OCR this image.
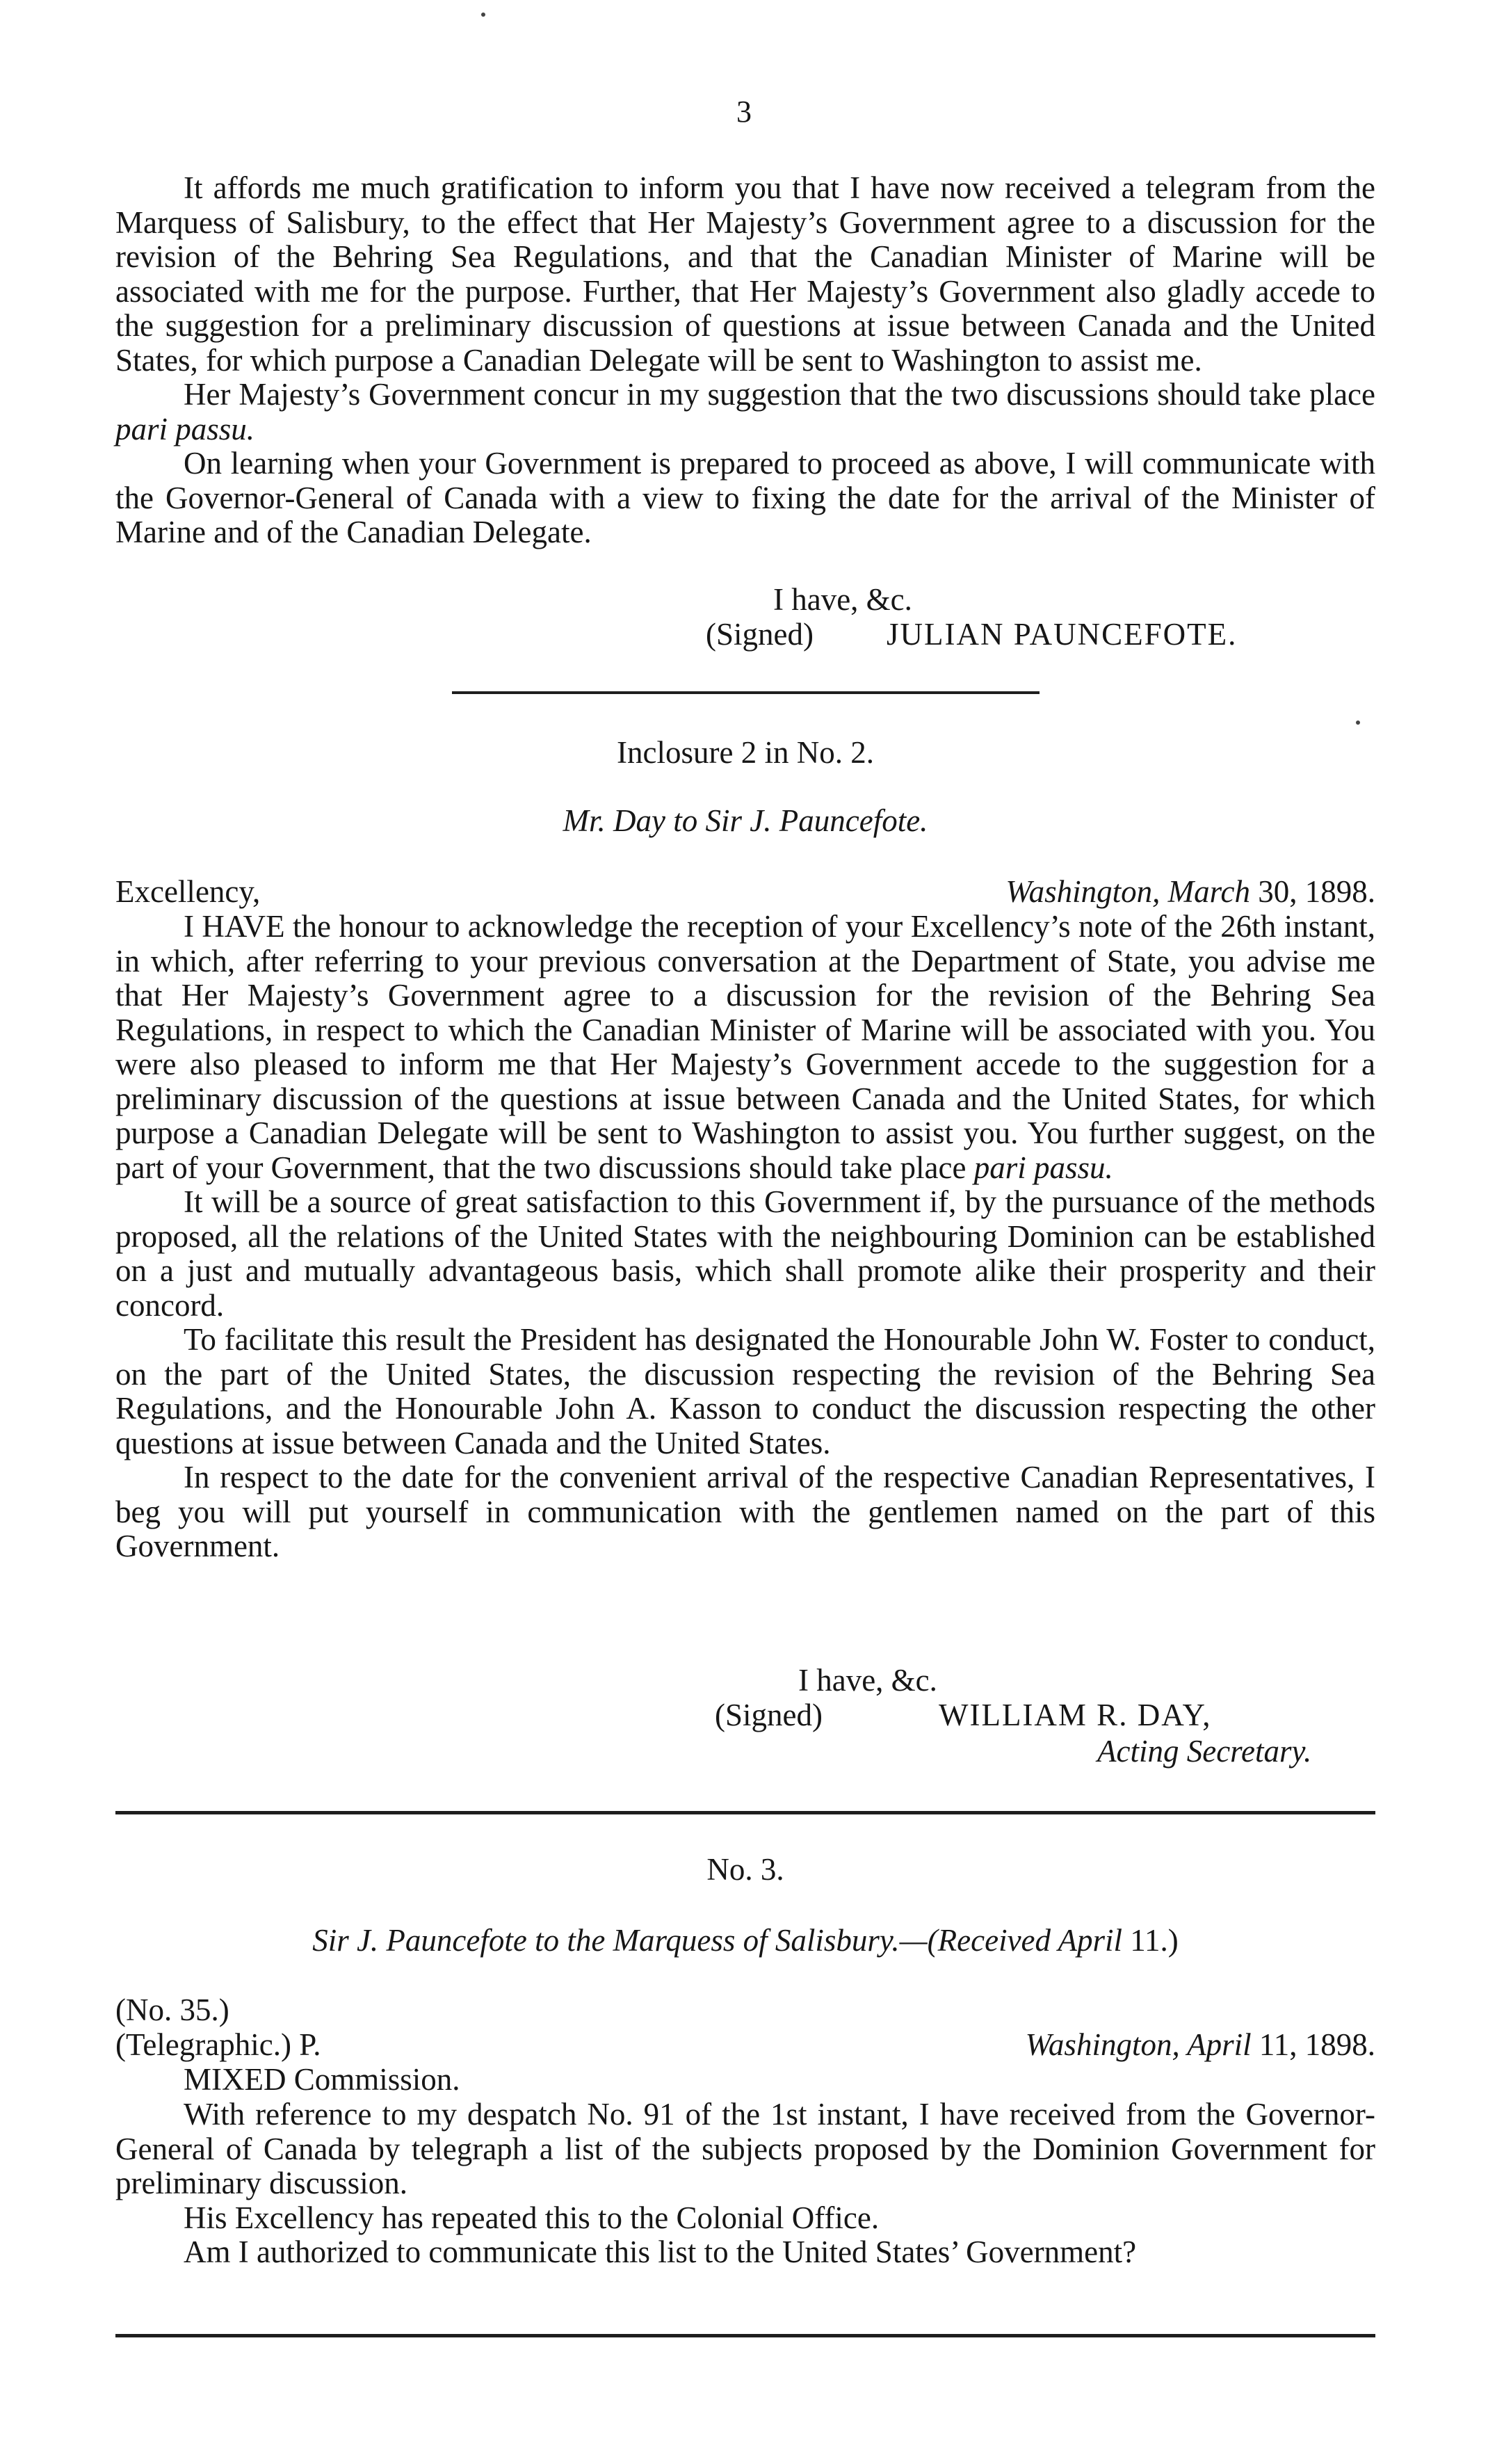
3

It affords me much gratification to inform you that I have now received a telegram from the Marquess of Salisbury, to the effect that Her Majesty’s Government agree to a discussion for the revision of the Behring Sea Regulations, and that the Canadian Minister of Marine will be associated with me for the purpose. Further, that Her Majesty’s Government also gladly accede to the suggestion for a preliminary discussion of questions at issue between Canada and the United States, for which purpose a Canadian Delegate will be sent to Washington to assist me.

Her Majesty’s Government concur in my suggestion that the two discussions should take place pari passu.

On learning when your Government is prepared to proceed as above, I will communicate with the Governor-General of Canada with a view to fixing the date for the arrival of the Minister of Marine and of the Canadian Delegate.

I have, &c.
(Signed) JULIAN PAUNCEFOTE.
Inclosure 2 in No. 2.
Mr. Day to Sir J. Pauncefote.
Excellency,	Washington, March 30, 1898.

I HAVE the honour to acknowledge the reception of your Excellency’s note of the 26th instant, in which, after referring to your previous conversation at the Department of State, you advise me that Her Majesty’s Government agree to a discussion for the revision of the Behring Sea Regulations, in respect to which the Canadian Minister of Marine will be associated with you. You were also pleased to inform me that Her Majesty’s Government accede to the suggestion for a preliminary discussion of the questions at issue between Canada and the United States, for which purpose a Canadian Delegate will be sent to Washington to assist you. You further suggest, on the part of your Government, that the two discussions should take place pari passu.

It will be a source of great satisfaction to this Government if, by the pursuance of the methods proposed, all the relations of the United States with the neighbouring Dominion can be established on a just and mutually advantageous basis, which shall promote alike their prosperity and their concord.

To facilitate this result the President has designated the Honourable John W. Foster to conduct, on the part of the United States, the discussion respecting the revision of the Behring Sea Regulations, and the Honourable John A. Kasson to conduct the discussion respecting the other questions at issue between Canada and the United States.

In respect to the date for the convenient arrival of the respective Canadian Representatives, I beg you will put yourself in communication with the gentlemen named on the part of this Government.

I have, &c.
(Signed)	WILLIAM R. DAY,
Acting Secretary.
No. 3.
Sir J. Pauncefote to the Marquess of Salisbury.—(Received April 11.)
(No. 35.)
(Telegraphic.) P.	Washington, April 11, 1898.
MIXED Commission.

With reference to my despatch No. 91 of the 1st instant, I have received from the Governor-General of Canada by telegraph a list of the subjects proposed by the Dominion Government for preliminary discussion.

His Excellency has repeated this to the Colonial Office.

Am I authorized to communicate this list to the United States’ Government?
